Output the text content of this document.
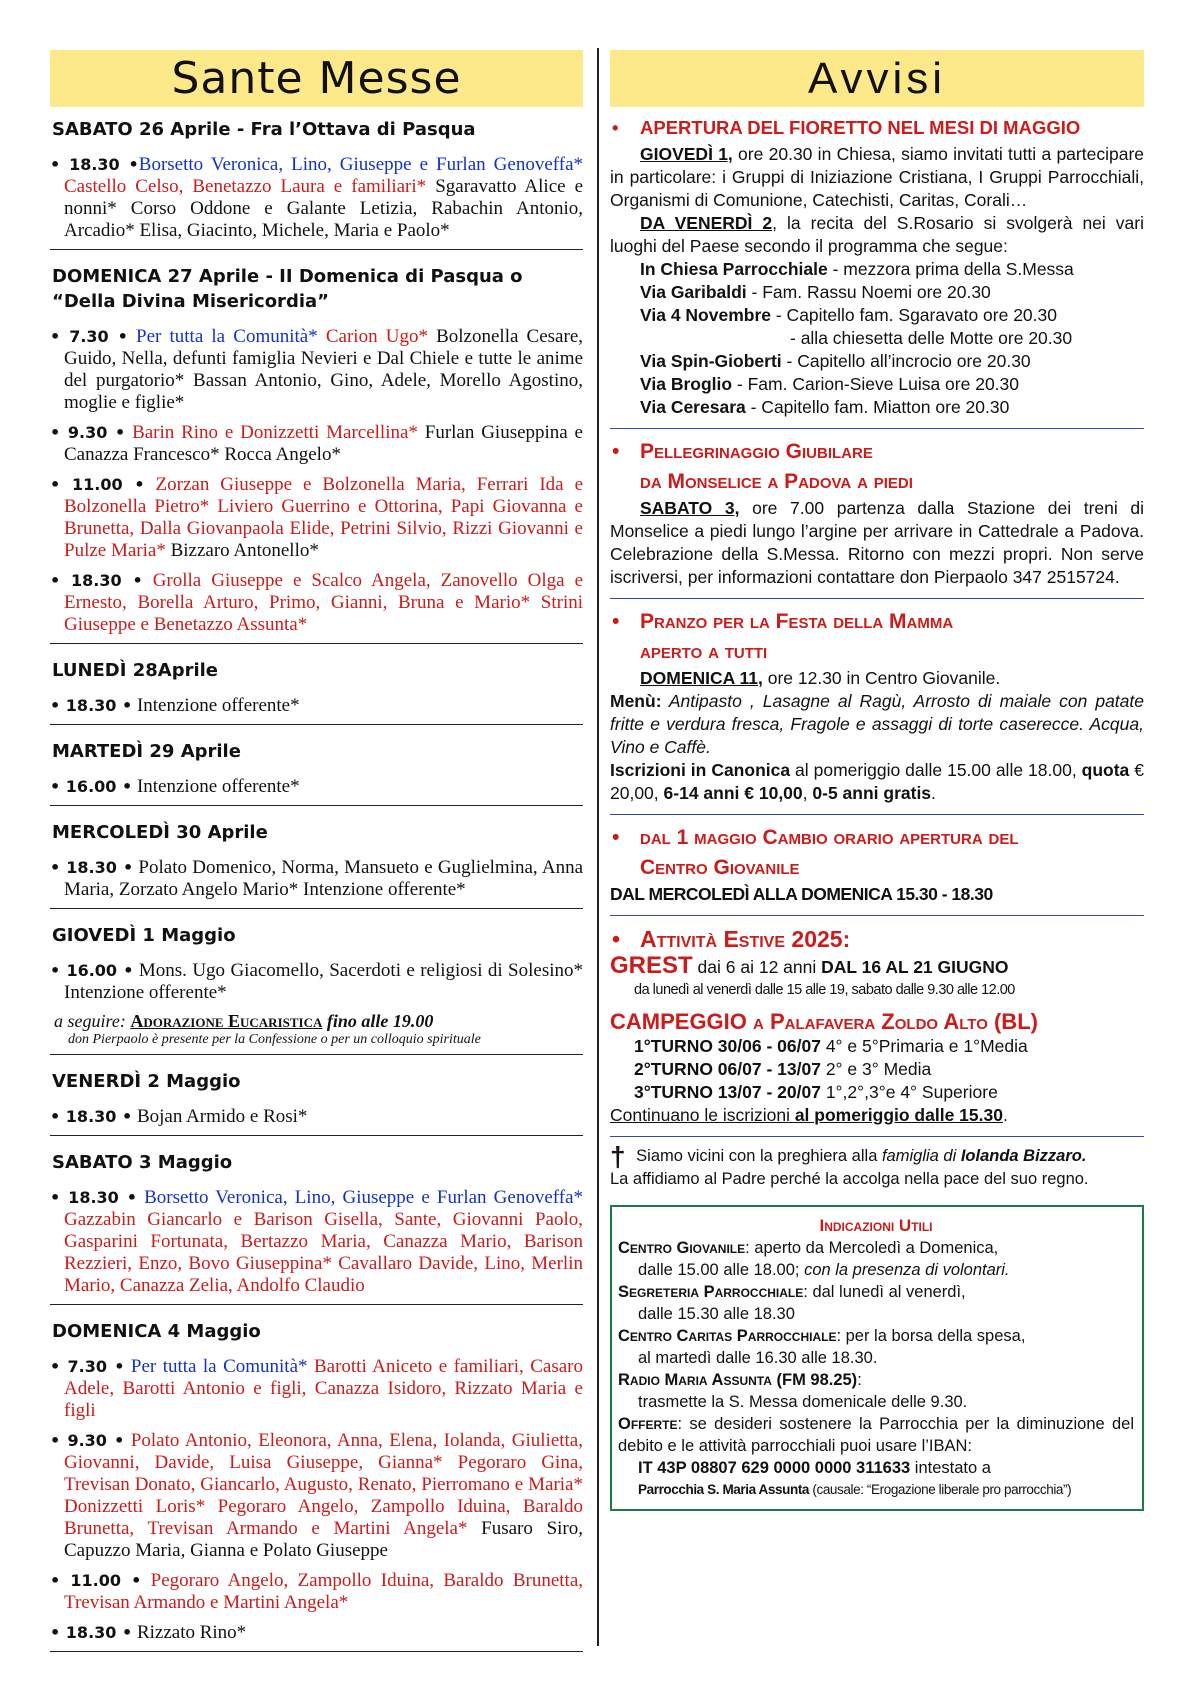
Sante Messe
SABATO 26 Aprile - Fra l’Ottava di Pasqua
• 18.30 •Borsetto Veronica, Lino, Giuseppe e Furlan Genoveffa* Castello Celso, Benetazzo Laura e familiari* Sgaravatto Alice e nonni* Corso Oddone e Galante Letizia, Rabachin Antonio, Arcadio* Elisa, Giacinto, Michele, Maria e Paolo*
DOMENICA 27 Aprile - II Domenica di Pasqua o “Della Divina Misericordia”
• 7.30 • Per tutta la Comunità* Carion Ugo* Bolzonella Cesare, Guido, Nella, defunti famiglia Nevieri e Dal Chiele e tutte le anime del purgatorio* Bassan Antonio, Gino, Adele, Morello Agostino, moglie e figlie*
• 9.30 • Barin Rino e Donizzetti Marcellina* Furlan Giuseppina e Canazza Francesco* Rocca Angelo*
• 11.00 • Zorzan Giuseppe e Bolzonella Maria, Ferrari Ida e Bolzonella Pietro* Liviero Guerrino e Ottorina, Papi Giovanna e Brunetta, Dalla Giovanpaola Elide, Petrini Silvio, Rizzi Giovanni e Pulze Maria* Bizzaro Antonello*
• 18.30 • Grolla Giuseppe e Scalco Angela, Zanovello Olga e Ernesto, Borella Arturo, Primo, Gianni, Bruna e Mario* Strini Giuseppe e Benetazzo Assunta*
LUNEDÌ 28Aprile
• 18.30 • Intenzione offerente*
MARTEDÌ 29 Aprile
• 16.00 • Intenzione offerente*
MERCOLEDÌ 30 Aprile
• 18.30 • Polato Domenico, Norma, Mansueto e Guglielmina, Anna Maria, Zorzato Angelo Mario* Intenzione offerente*
GIOVEDÌ 1 Maggio
• 16.00 • Mons. Ugo Giacomello, Sacerdoti e religiosi di Solesino* Intenzione offerente*
a seguire: Adorazione Eucaristica fino alle 19.00
don Pierpaolo è presente per la Confessione o per un colloquio spirituale
VENERDÌ 2 Maggio
• 18.30 • Bojan Armido e Rosi*
SABATO 3 Maggio
• 18.30 • Borsetto Veronica, Lino, Giuseppe e Furlan Genoveffa* Gazzabin Giancarlo e Barison Gisella, Sante, Giovanni Paolo, Gasparini Fortunata, Bertazzo Maria, Canazza Mario, Barison Rezzieri, Enzo, Bovo Giuseppina* Cavallaro Davide, Lino, Merlin Mario, Canazza Zelia, Andolfo Claudio
DOMENICA 4 Maggio
• 7.30 • Per tutta la Comunità* Barotti Aniceto e familiari, Casaro Adele, Barotti Antonio e figli, Canazza Isidoro, Rizzato Maria e figli
• 9.30 • Polato Antonio, Eleonora, Anna, Elena, Iolanda, Giulietta, Giovanni, Davide, Luisa Giuseppe, Gianna* Pegoraro Gina, Trevisan Donato, Giancarlo, Augusto, Renato, Pierromano e Maria* Donizzetti Loris* Pegoraro Angelo, Zampollo Iduina, Baraldo Brunetta, Trevisan Armando e Martini Angela* Fusaro Siro, Capuzzo Maria, Gianna e Polato Giuseppe
• 11.00 • Pegoraro Angelo, Zampollo Iduina, Baraldo Brunetta, Trevisan Armando e Martini Angela*
• 18.30 • Rizzato Rino*
Avvisi
• APERTURA DEL FIORETTO NEL MESI DI MAGGIO
GIOVEDÌ 1, ore 20.30 in Chiesa, siamo invitati tutti a partecipare in particolare: i Gruppi di Iniziazione Cristiana, I Gruppi Parrocchiali, Organismi di Comunione, Catechisti, Caritas, Corali…
DA VENERDÌ 2, la recita del S.Rosario si svolgerà nei vari luoghi del Paese secondo il programma che segue:
In Chiesa Parrocchiale - mezzora prima della S.Messa
Via Garibaldi - Fam. Rassu Noemi ore 20.30
Via 4 Novembre - Capitello fam. Sgaravato ore 20.30
- alla chiesetta delle Motte ore 20.30
Via Spin-Gioberti - Capitello all’incrocio ore 20.30
Via Broglio - Fam. Carion-Sieve Luisa ore 20.30
Via Ceresara - Capitello fam. Miatton ore 20.30
• Pellegrinaggio Giubilare
da Monselice a Padova a piedi
SABATO 3, ore 7.00 partenza dalla Stazione dei treni di Monselice a piedi lungo l’argine per arrivare in Cattedrale a Padova. Celebrazione della S.Messa. Ritorno con mezzi propri. Non serve iscriversi, per informazioni contattare don Pierpaolo 347 2515724.
• Pranzo per la Festa della Mamma
aperto a tutti
DOMENICA 11, ore 12.30 in Centro Giovanile.
Menù: Antipasto , Lasagne al Ragù, Arrosto di maiale con patate fritte e verdura fresca, Fragole e assaggi di torte caserecce. Acqua, Vino e Caffè.
Iscrizioni in Canonica al pomeriggio dalle 15.00 alle 18.00, quota € 20,00, 6-14 anni € 10,00, 0-5 anni gratis.
• dal 1 maggio Cambio orario apertura del
Centro Giovanile
DAL MERCOLEDÌ ALLA DOMENICA 15.30 - 18.30
• Attività Estive 2025:
GREST dai 6 ai 12 anni DAL 16 AL 21 GIUGNO
da lunedì al venerdì dalle 15 alle 19, sabato dalle 9.30 alle 12.00
CAMPEGGIO a Palafavera Zoldo Alto (BL)
1°TURNO 30/06 - 06/07 4° e 5°Primaria e 1°Media
2°TURNO 06/07 - 13/07 2° e 3° Media
3°TURNO 13/07 - 20/07 1°,2°,3°e 4° Superiore
Continuano le iscrizioni al pomeriggio dalle 15.30.
† Siamo vicini con la preghiera alla famiglia di Iolanda Bizzaro.
La affidiamo al Padre perché la accolga nella pace del suo regno.
Indicazioni Utili
Centro Giovanile: aperto da Mercoledì a Domenica,
dalle 15.00 alle 18.00; con la presenza di volontari.
Segreteria Parrocchiale: dal lunedì al venerdì,
dalle 15.30 alle 18.30
Centro Caritas Parrocchiale: per la borsa della spesa,
al martedì dalle 16.30 alle 18.30.
Radio Maria Assunta (FM 98.25):
trasmette la S. Messa domenicale delle 9.30.
Offerte: se desideri sostenere la Parrocchia per la diminuzione del debito e le attività parrocchiali puoi usare l’IBAN:
IT 43P 08807 629 0000 0000 311633 intestato a
Parrocchia S. Maria Assunta (causale: “Erogazione liberale pro parrocchia”)
